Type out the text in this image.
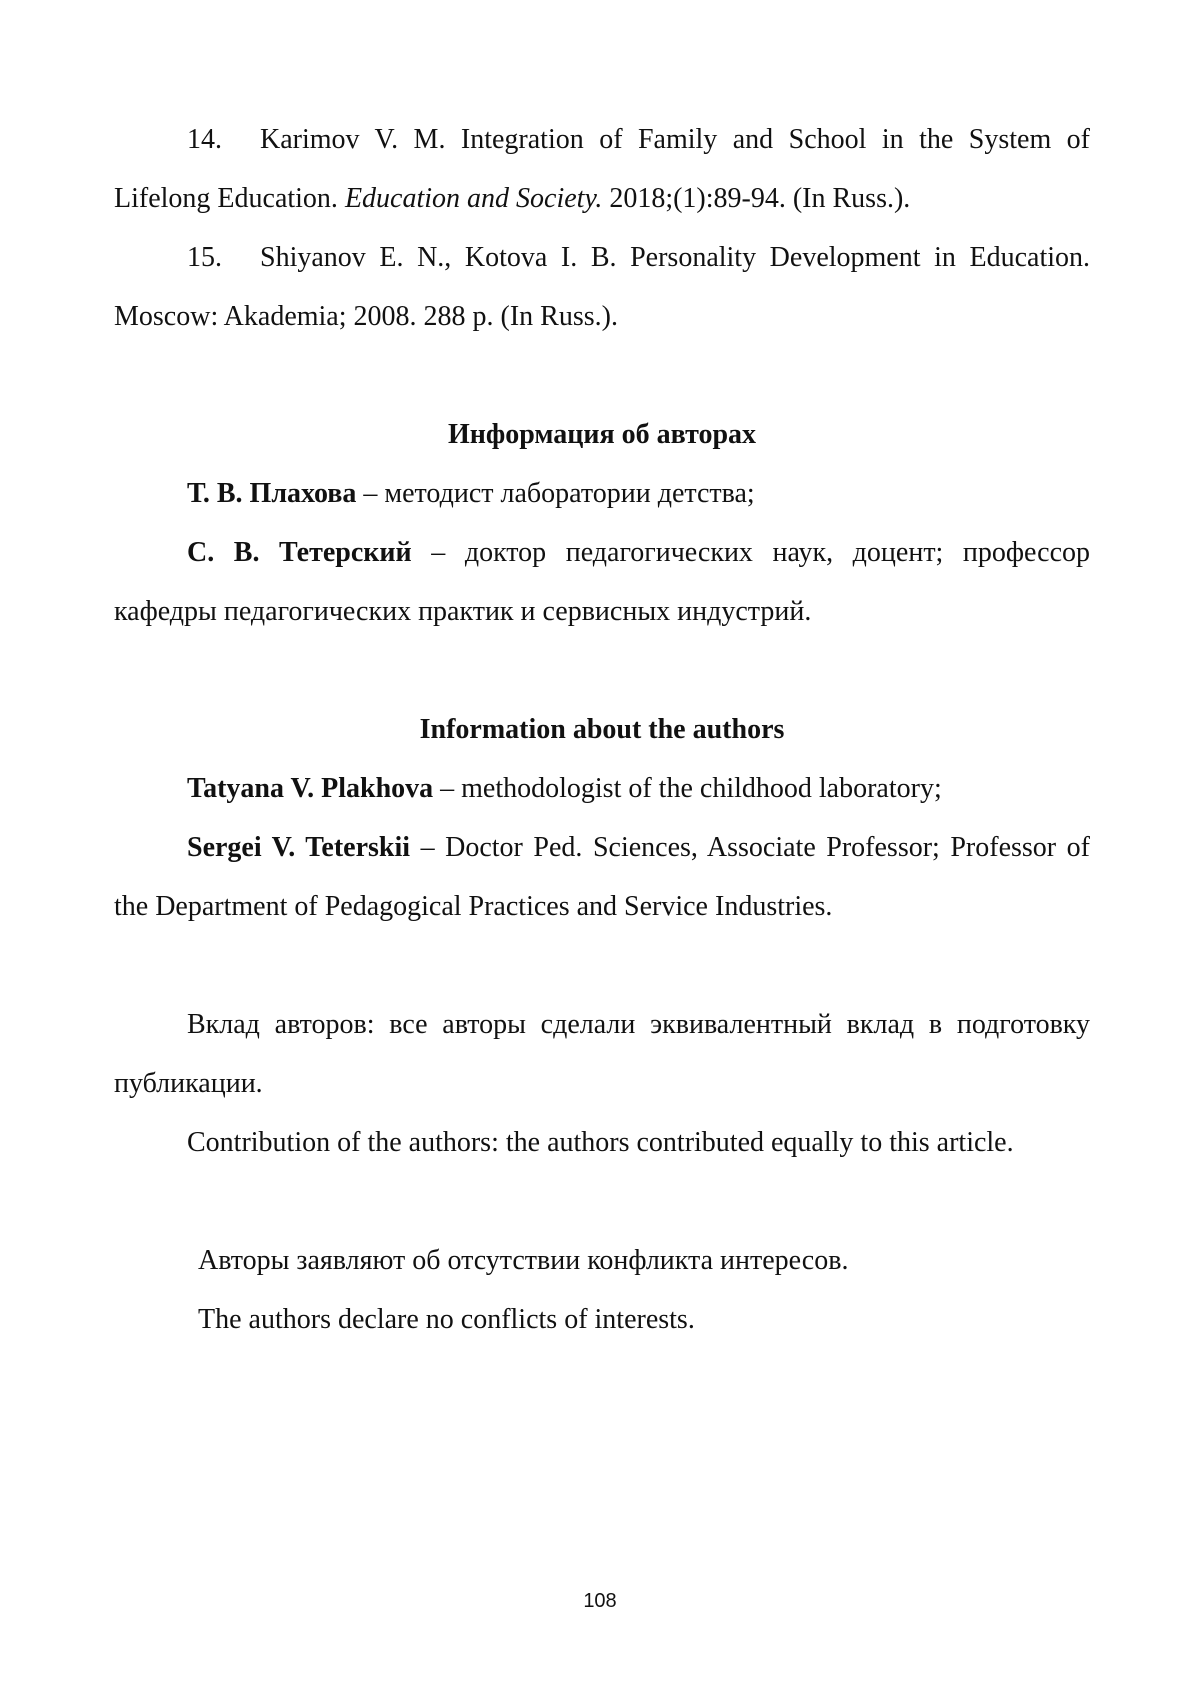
14. Karimov V. M. Integration of Family and School in the System of Lifelong Education. Education and Society. 2018;(1):89-94. (In Russ.).

15. Shiyanov E. N., Kotova I. B. Personality Development in Education. Moscow: Akademia; 2008. 288 p. (In Russ.).

Информация об авторах

Т. В. Плахова – методист лаборатории детства;

С. В. Тетерский – доктор педагогических наук, доцент; профессор кафедры педагогических практик и сервисных индустрий.

Information about the authors

Tatyana V. Plakhova – methodologist of the childhood laboratory;

Sergei V. Teterskii – Doctor Ped. Sciences, Associate Professor; Professor of the Department of Pedagogical Practices and Service Industries.

Вклад авторов: все авторы сделали эквивалентный вклад в подготовку публикации.

Contribution of the authors: the authors contributed equally to this article.

Авторы заявляют об отсутствии конфликта интересов.

The authors declare no conflicts of interests.

108
